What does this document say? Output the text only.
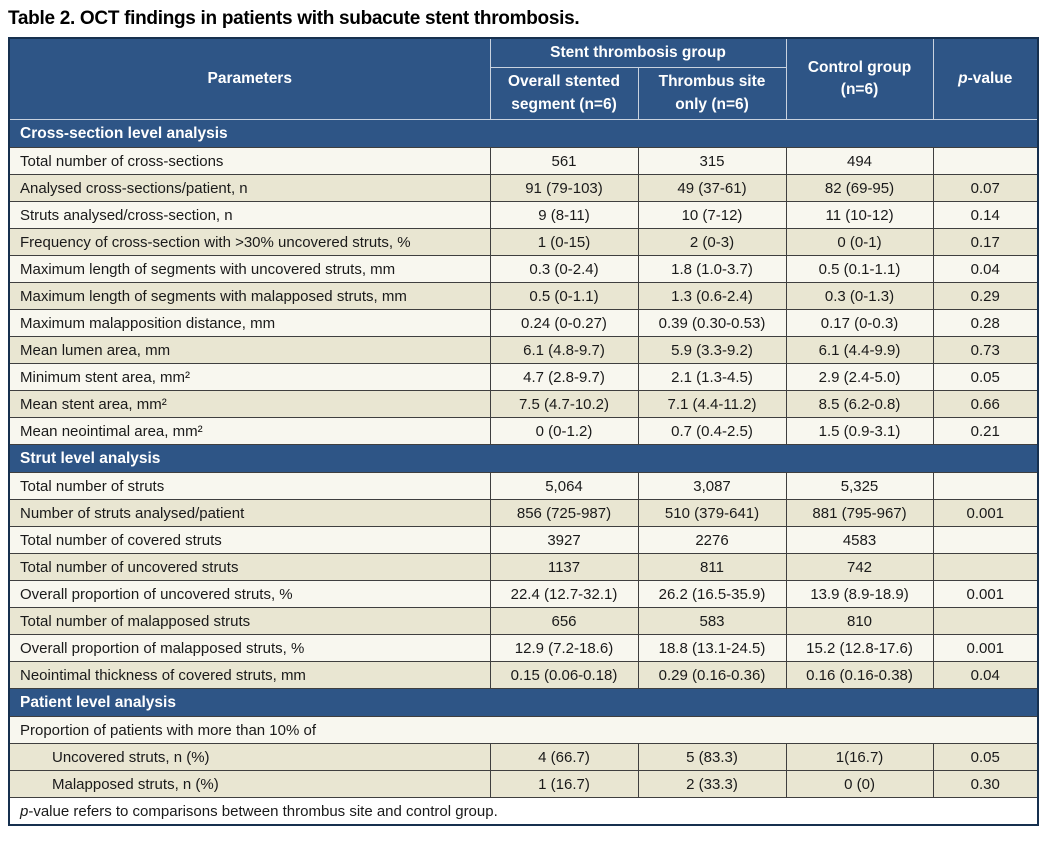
Table 2. OCT findings in patients with subacute stent thrombosis.
Parameters	Stent thrombosis group		Control group (n=6)	p-value
	Overall stented segment (n=6)	Thrombus site only (n=6)		
Cross-section level analysis				
Total number of cross-sections	561	315	494	
Analysed cross-sections/patient, n	91 (79-103)	49 (37-61)	82 (69-95)	0.07
Struts analysed/cross-section, n	9 (8-11)	10 (7-12)	11 (10-12)	0.14
Frequency of cross-section with >30% uncovered struts, %	1 (0-15)	2 (0-3)	0 (0-1)	0.17
Maximum length of segments with uncovered struts, mm	0.3 (0-2.4)	1.8 (1.0-3.7)	0.5 (0.1-1.1)	0.04
Maximum length of segments with malapposed struts, mm	0.5 (0-1.1)	1.3 (0.6-2.4)	0.3 (0-1.3)	0.29
Maximum malapposition distance, mm	0.24 (0-0.27)	0.39 (0.30-0.53)	0.17 (0-0.3)	0.28
Mean lumen area, mm	6.1 (4.8-9.7)	5.9 (3.3-9.2)	6.1 (4.4-9.9)	0.73
Minimum stent area, mm²	4.7 (2.8-9.7)	2.1 (1.3-4.5)	2.9 (2.4-5.0)	0.05
Mean stent area, mm²	7.5 (4.7-10.2)	7.1 (4.4-11.2)	8.5 (6.2-0.8)	0.66
Mean neointimal area, mm²	0 (0-1.2)	0.7 (0.4-2.5)	1.5 (0.9-3.1)	0.21
Strut level analysis				
Total number of struts	5,064	3,087	5,325	
Number of struts analysed/patient	856 (725-987)	510 (379-641)	881 (795-967)	0.001
Total number of covered struts	3927	2276	4583	
Total number of uncovered struts	1137	811	742	
Overall proportion of uncovered struts, %	22.4 (12.7-32.1)	26.2 (16.5-35.9)	13.9 (8.9-18.9)	0.001
Total number of malapposed struts	656	583	810	
Overall proportion of malapposed struts, %	12.9 (7.2-18.6)	18.8 (13.1-24.5)	15.2 (12.8-17.6)	0.001
Neointimal thickness of covered struts, mm	0.15 (0.06-0.18)	0.29 (0.16-0.36)	0.16 (0.16-0.38)	0.04
Patient level analysis				
Proportion of patients with more than 10% of				
Uncovered struts, n (%)	4 (66.7)	5 (83.3)	1(16.7)	0.05
Malapposed struts, n (%)	1 (16.7)	2 (33.3)	0 (0)	0.30
p-value refers to comparisons between thrombus site and control group.				
